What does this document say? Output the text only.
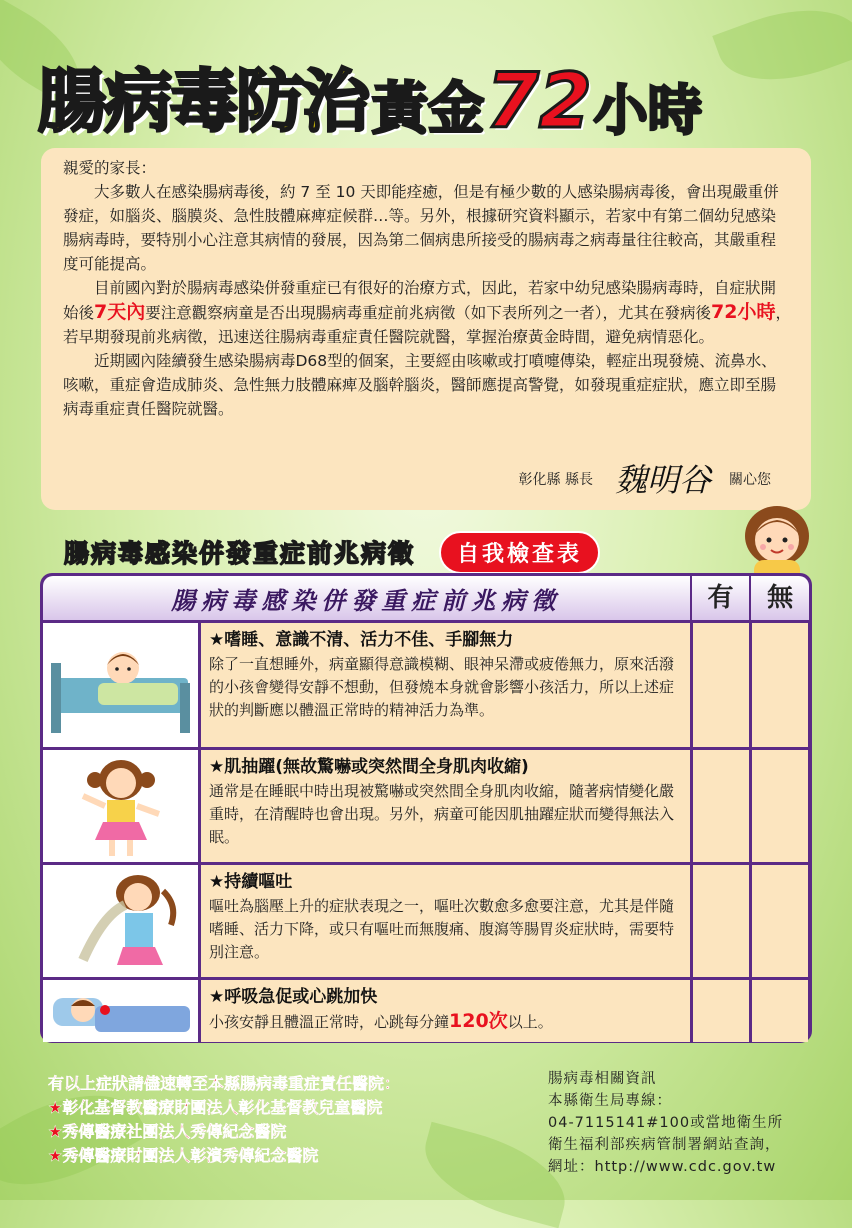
腸病毒防治黃金72小時

親愛的家長：

大多數人在感染腸病毒後，約 7 至 10 天即能痊癒，但是有極少數的人感染腸病毒後，會出現嚴重併發症，如腦炎、腦膜炎、急性肢體麻痺症候群…等。另外，根據研究資料顯示，若家中有第二個幼兒感染腸病毒時，要特別小心注意其病情的發展，因為第二個病患所接受的腸病毒之病毒量往往較高，其嚴重程度可能提高。

目前國內對於腸病毒感染併發重症已有很好的治療方式，因此，若家中幼兒感染腸病毒時，自症狀開始後7天內要注意觀察病童是否出現腸病毒重症前兆病徵（如下表所列之一者），尤其在發病後72小時，若早期發現前兆病徵，迅速送往腸病毒重症責任醫院就醫，掌握治療黃金時間，避免病情惡化。

近期國內陸續發生感染腸病毒D68型的個案，主要經由咳嗽或打噴嚏傳染，輕症出現發燒、流鼻水、咳嗽，重症會造成肺炎、急性無力肢體麻痺及腦幹腦炎，醫師應提高警覺，如發現重症症狀，應立即至腸病毒重症責任醫院就醫。

彰化縣 縣長 魏明谷 關心您
腸病毒感染併發重症前兆病徵	自我檢查表
腸病毒感染併發重症前兆病徵	有	無
★嗜睡、意識不清、活力不佳、手腳無力
除了一直想睡外，病童顯得意識模糊、眼神呆滯或疲倦無力，原來活潑的小孩會變得安靜不想動，但發燒本身就會影響小孩活力，所以上述症狀的判斷應以體溫正常時的精神活力為準。
★肌抽躍(無故驚嚇或突然間全身肌肉收縮)
通常是在睡眠中時出現被驚嚇或突然間全身肌肉收縮，隨著病情變化嚴重時，在清醒時也會出現。另外，病童可能因肌抽躍症狀而變得無法入眠。
★持續嘔吐
嘔吐為腦壓上升的症狀表現之一，嘔吐次數愈多愈要注意，尤其是伴隨嗜睡、活力下降，或只有嘔吐而無腹痛、腹瀉等腸胃炎症狀時，需要特別注意。
★呼吸急促或心跳加快
小孩安靜且體溫正常時，心跳每分鐘120次以上。
有以上症狀請儘速轉至本縣腸病毒重症責任醫院：
★彰化基督教醫療財團法人彰化基督教兒童醫院
★秀傳醫療社團法人秀傳紀念醫院
★秀傳醫療財團法人彰濱秀傳紀念醫院
腸病毒相關資訊
本縣衛生局專線：
04-7115141#100或當地衛生所
衛生福利部疾病管制署網站查詢，
網址：http://www.cdc.gov.tw
